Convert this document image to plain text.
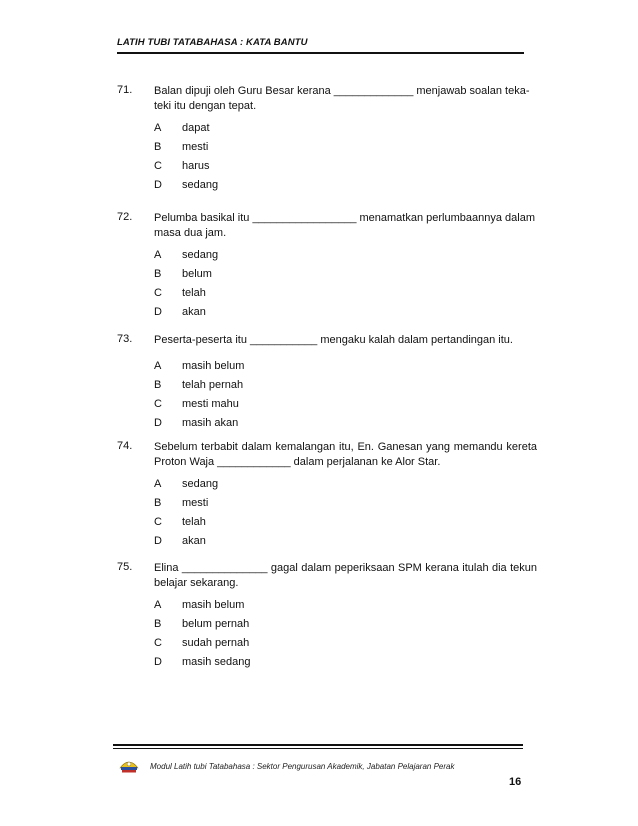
LATIH TUBI TATABAHASA : KATA BANTU
71.	Balan dipuji oleh Guru Besar kerana _____________ menjawab soalan teka- teki itu dengan tepat.
A	dapat
B	mesti
C	harus
D	sedang
72.	Pelumba basikal itu _________________ menamatkan perlumbaannya dalam masa dua jam.
A	sedang
B	belum
C	telah
D	akan
73.	Peserta-peserta itu ___________ mengaku kalah dalam pertandingan itu.
A	masih belum
B	telah pernah
C	mesti mahu
D	masih akan
74.	Sebelum terbabit dalam kemalangan itu, En. Ganesan yang memandu kereta Proton Waja ____________ dalam perjalanan ke Alor Star.
A	sedang
B	mesti
C	telah
D	akan
75.	Elina ______________ gagal dalam peperiksaan SPM kerana itulah dia tekun belajar sekarang.
A	masih belum
B	belum pernah
C	sudah pernah
D	masih sedang
Modul Latih tubi Tatabahasa : Sektor Pengurusan Akademik, Jabatan Pelajaran Perak
16
